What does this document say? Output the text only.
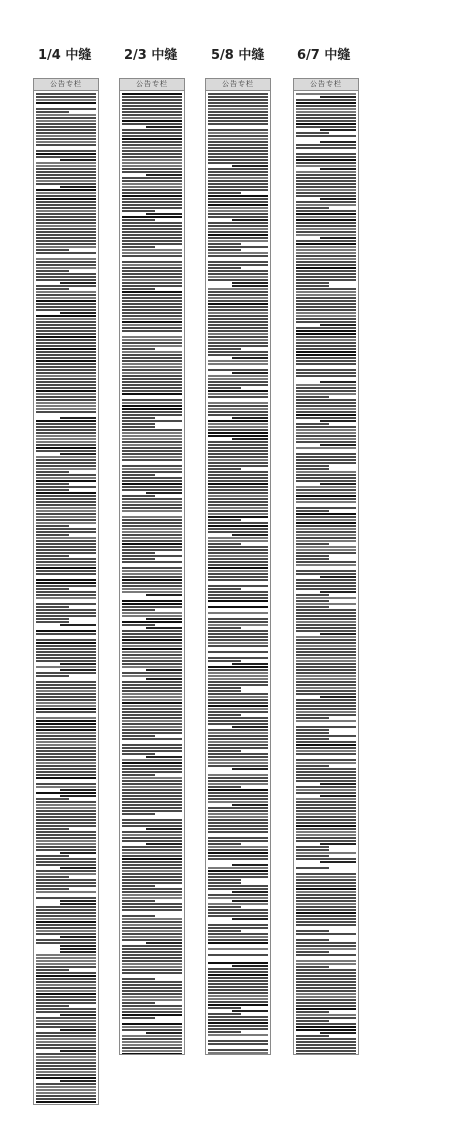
1/4 中缝	2/3 中缝	5/8 中缝	6/7 中缝
公告专栏	公告专栏	公告专栏	公告专栏
